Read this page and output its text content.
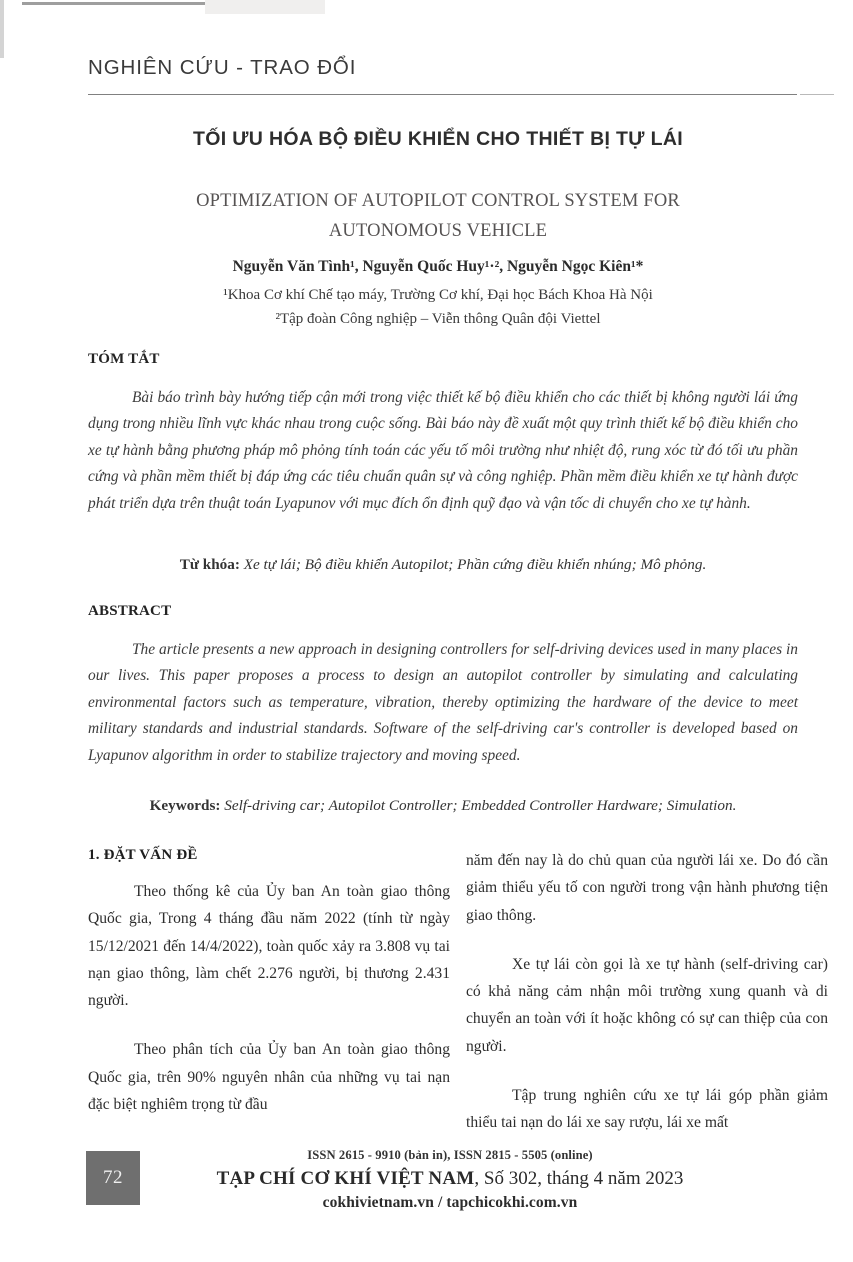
NGHIÊN CỨU - TRAO ĐỔI
TỐI ƯU HÓA BỘ ĐIỀU KHIỂN CHO THIẾT BỊ TỰ LÁI
OPTIMIZATION OF AUTOPILOT CONTROL SYSTEM FOR
AUTONOMOUS VEHICLE
Nguyễn Văn Tình¹, Nguyễn Quốc Huy¹·², Nguyễn Ngọc Kiên¹*
¹Khoa Cơ khí Chế tạo máy, Trường Cơ khí, Đại học Bách Khoa Hà Nội
²Tập đoàn Công nghiệp – Viễn thông Quân đội Viettel
TÓM TẮT
Bài báo trình bày hướng tiếp cận mới trong việc thiết kế bộ điều khiển cho các thiết bị không người lái ứng dụng trong nhiều lĩnh vực khác nhau trong cuộc sống. Bài báo này đề xuất một quy trình thiết kế bộ điều khiển cho xe tự hành bằng phương pháp mô phỏng tính toán các yếu tố môi trường như nhiệt độ, rung xóc từ đó tối ưu phần cứng và phần mềm thiết bị đáp ứng các tiêu chuẩn quân sự và công nghiệp. Phần mềm điều khiển xe tự hành được phát triển dựa trên thuật toán Lyapunov với mục đích ổn định quỹ đạo và vận tốc di chuyển cho xe tự hành.
Từ khóa: Xe tự lái; Bộ điều khiển Autopilot; Phần cứng điều khiển nhúng; Mô phỏng.
ABSTRACT
The article presents a new approach in designing controllers for self-driving devices used in many places in our lives. This paper proposes a process to design an autopilot controller by simulating and calculating environmental factors such as temperature, vibration, thereby optimizing the hardware of the device to meet military standards and industrial standards. Software of the self-driving car's controller is developed based on Lyapunov algorithm in order to stabilize trajectory and moving speed.
Keywords: Self-driving car; Autopilot Controller; Embedded Controller Hardware; Simulation.
1. ĐẶT VẤN ĐỀ

Theo thống kê của Ủy ban An toàn giao thông Quốc gia, Trong 4 tháng đầu năm 2022 (tính từ ngày 15/12/2021 đến 14/4/2022), toàn quốc xảy ra 3.808 vụ tai nạn giao thông, làm chết 2.276 người, bị thương 2.431 người.

Theo phân tích của Ủy ban An toàn giao thông Quốc gia, trên 90% nguyên nhân của những vụ tai nạn đặc biệt nghiêm trọng từ đầu

năm đến nay là do chủ quan của người lái xe. Do đó cần giảm thiểu yếu tố con người trong vận hành phương tiện giao thông.

Xe tự lái còn gọi là xe tự hành (self-driving car) có khả năng cảm nhận môi trường xung quanh và di chuyển an toàn với ít hoặc không có sự can thiệp của con người.

Tập trung nghiên cứu xe tự lái góp phần giảm thiểu tai nạn do lái xe say rượu, lái xe mất

72
ISSN 2615 - 9910 (bản in), ISSN 2815 - 5505 (online)
TẠP CHÍ CƠ KHÍ VIỆT NAM, Số 302, tháng 4 năm 2023
cokhivietnam.vn / tapchicokhi.com.vn
